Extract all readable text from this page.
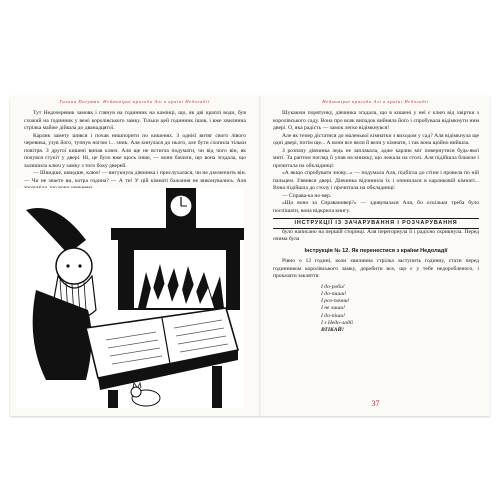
Галина Пагутяк. Неймовірні пригоди Алі в країні Недоладії

Тут Недочеревик замовк і глянув на годинник на камінці, що, як дві краплі води, був схожий на годинник у вежі королівського замку. Тільки цей годинник ішов, і вже хвилинна стрілка майже дійшла до дванадцятої.

Карлик замету шився і почав нишпорити по кишенях. З однієї витяг свого лівого черевика, узув його, тупнув ногою і... зник. Аля кинулася до нього, але бути схопила тільки повітря. З другої кишені випав ключ. Аля ще не встигла подумати, чи від чого він, як почувся стукіт у двері. Ні, це було вже щось інше, — вони бачили, що вона згадала, що залишила ключ у замку з того боку дверей.

— Швидше, швидше, ключ! — вигукнула дівчинка і прислухалася, чи не дзеленчить він. — Чи не знаєте ви, котра година? — А ти! У цій кімнаті бажання не виконувались. Аля

Неймовірні пригоди Алі в країні Недоладії

Шукаючи порятунку, дівчинка згадала, що в кишені у неї є ключ від хвіртки з королівського саду. Вона про всяк випадок вийняла його і спробувала відімкнути ним двері. О, яка радість — замок легко відімкнувся!

Але як тепер дістатися до маленької кімнатки з виходом у сад? Аля відімкнула ще одні двері, потім ще... А вони все вели й вели у кімнати, і так вона щойно вийшла.

З розпачу дівчинка ледь не заплакала, адже карлик міг повернутися будь-якої миті. Та раптом погляд її упав на книжку, що лежала на столі. Аля підійшла ближче і прочитала на обкладинці:

«А якщо спробувати знову...» — подумала Аля, підбігла до стіни і провела по ній пальцем. З'явився двері. Дівчинка відчинила їх і опинилася в карликовій кімнаті... Вона підійшла до столу і прочитала на обкладинці:

— Справа-ка но-вер.

«Що воно за Справановер?» — здивувалася Аля, бо оскільки треба було поспішати, вона відкрила книгу.

ІНСТРУКЦІЇ ІЗ ЗАЧАРУВАННЯ І РОЗЧАРУВАННЯ

було написано на першій сторінці. Аля перегорнула її і радісно скрикнула. Перед очима була

Інструкція № 12. Як перенестися з країни Недоладії

Рівно о 12 годині, коли хвилинна стрілка заступить годинну, стати перед годинником королівського замку, доробити все, що є у тебе недоробленого, і проказати закляття:

І до-роби!
І до-пиши!
І роз-почни!
І не лиши!
І до-піши!
І з Недо-ладії
ВТІКАЙ!
37
